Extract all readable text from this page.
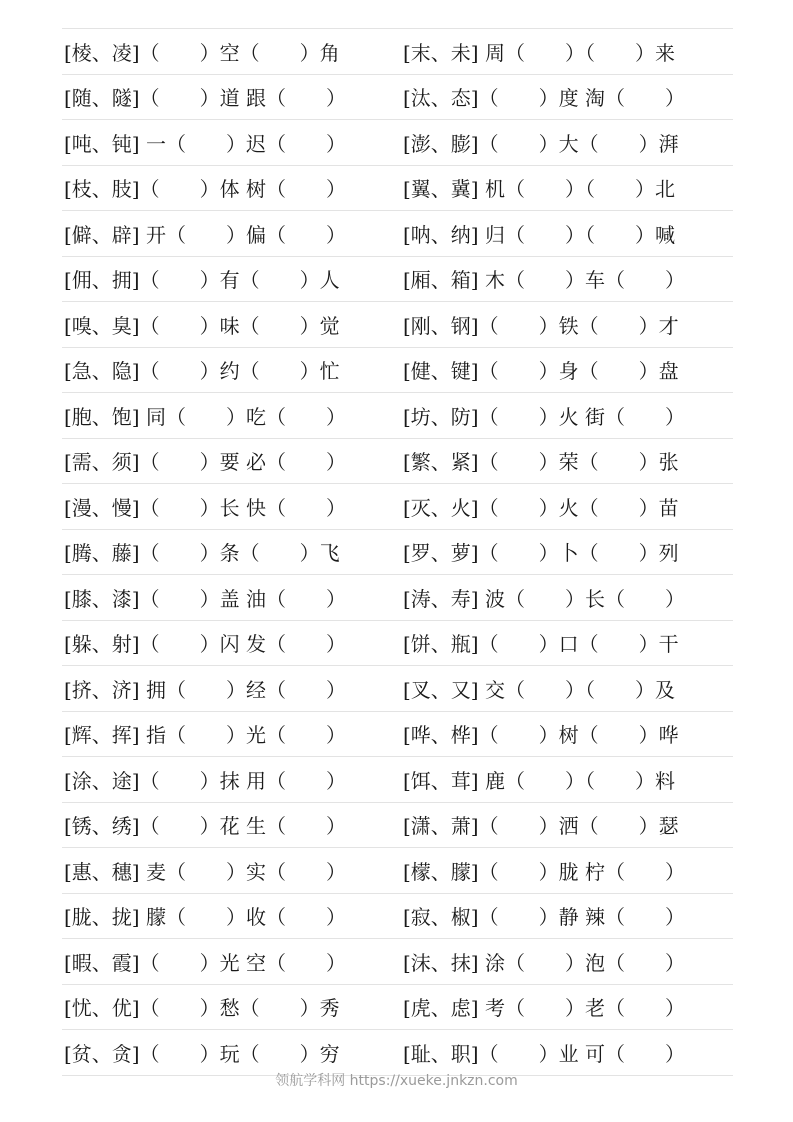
[棱、凌]（　　）空（　　）角	[末、未] 周（　　）（　　）来
[随、隧]（　　）道 跟（　　）	[汰、态]（　　）度 淘（　　）
[吨、钝] 一（　　）迟（　　）	[澎、膨]（　　）大（　　）湃
[枝、肢]（　　）体 树（　　）	[翼、冀] 机（　　）（　　）北
[僻、辟] 开（　　）偏（　　）	[呐、纳] 归（　　）（　　）喊
[佣、拥]（　　）有（　　）人	[厢、箱] 木（　　）车（　　）
[嗅、臭]（　　）味（　　）觉	[刚、钢]（　　）铁（　　）才
[急、隐]（　　）约（　　）忙	[健、键]（　　）身（　　）盘
[胞、饱] 同（　　）吃（　　）	[坊、防]（　　）火 街（　　）
[需、须]（　　）要 必（　　）	[繁、紧]（　　）荣（　　）张
[漫、慢]（　　）长 快（　　）	[灭、火]（　　）火（　　）苗
[腾、藤]（　　）条（　　）飞	[罗、萝]（　　）卜（　　）列
[膝、漆]（　　）盖 油（　　）	[涛、寿] 波（　　）长（　　）
[躲、射]（　　）闪 发（　　）	[饼、瓶]（　　）口（　　）干
[挤、济] 拥（　　）经（　　）	[叉、又] 交（　　）（　　）及
[辉、挥] 指（　　）光（　　）	[哗、桦]（　　）树（　　）哗
[涂、途]（　　）抹 用（　　）	[饵、茸] 鹿（　　）（　　）料
[锈、绣]（　　）花 生（　　）	[潇、萧]（　　）洒（　　）瑟
[惠、穗] 麦（　　）实（　　）	[檬、朦]（　　）胧 柠（　　）
[胧、拢] 朦（　　）收（　　）	[寂、椒]（　　）静 辣（　　）
[暇、霞]（　　）光 空（　　）	[沫、抹] 涂（　　）泡（　　）
[忧、优]（　　）愁（　　）秀	[虎、虑] 考（　　）老（　　）
[贫、贪]（　　）玩（　　）穷	[耻、职]（　　）业 可（　　）
领航学科网 https://xueke.jnkzn.com
